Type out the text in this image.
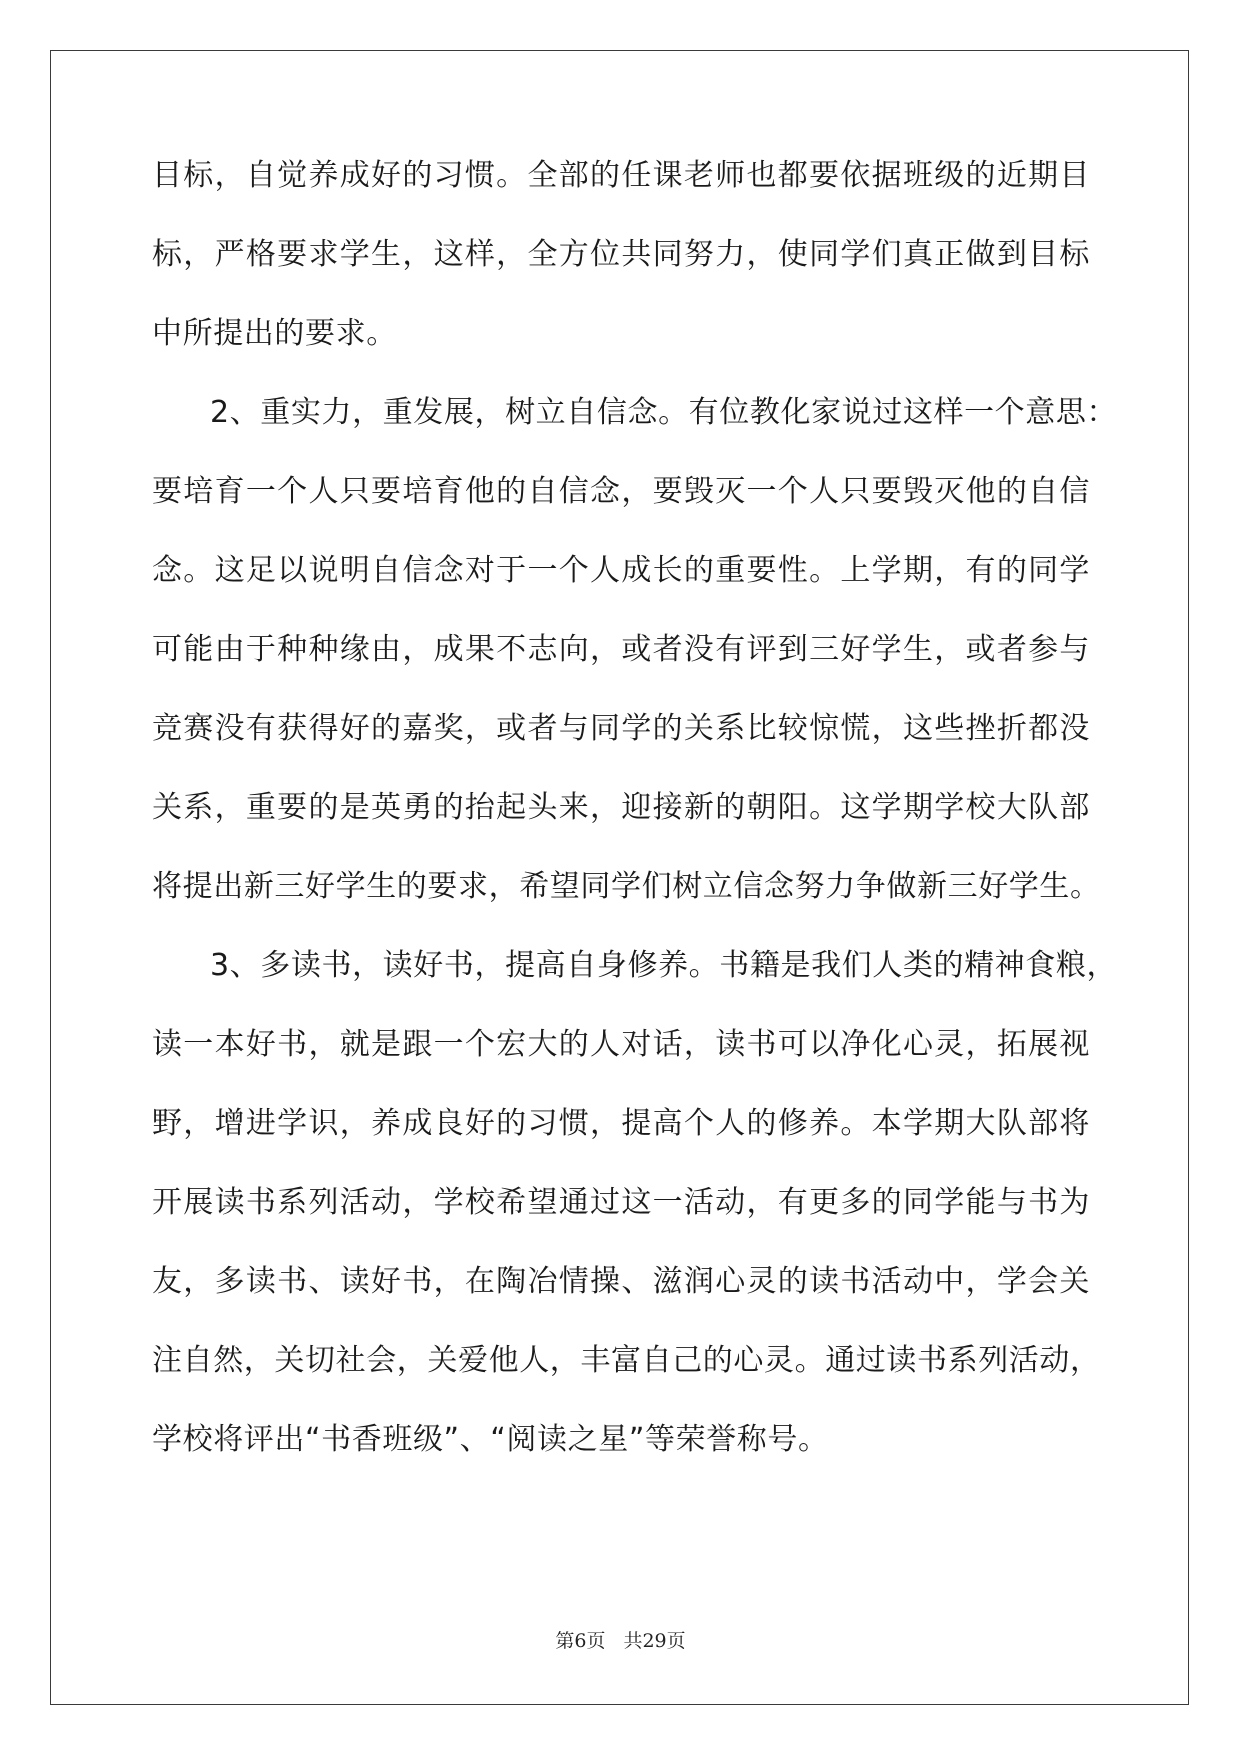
目标，自觉养成好的习惯。全部的任课老师也都要依据班级的近期目
标，严格要求学生，这样，全方位共同努力，使同学们真正做到目标
中所提出的要求。
2、重实力，重发展，树立自信念。有位教化家说过这样一个意思：
要培育一个人只要培育他的自信念，要毁灭一个人只要毁灭他的自信
念。这足以说明自信念对于一个人成长的重要性。上学期，有的同学
可能由于种种缘由，成果不志向，或者没有评到三好学生，或者参与
竞赛没有获得好的嘉奖，或者与同学的关系比较惊慌，这些挫折都没
关系，重要的是英勇的抬起头来，迎接新的朝阳。这学期学校大队部
将提出新三好学生的要求，希望同学们树立信念努力争做新三好学生。
3、多读书，读好书，提高自身修养。书籍是我们人类的精神食粮，
读一本好书，就是跟一个宏大的人对话，读书可以净化心灵，拓展视
野，增进学识，养成良好的习惯，提高个人的修养。本学期大队部将
开展读书系列活动，学校希望通过这一活动，有更多的同学能与书为
友，多读书、读好书，在陶冶情操、滋润心灵的读书活动中，学会关
注自然，关切社会，关爱他人，丰富自己的心灵。通过读书系列活动，
学校将评出“书香班级”、“阅读之星”等荣誉称号。
第6页 共29页
